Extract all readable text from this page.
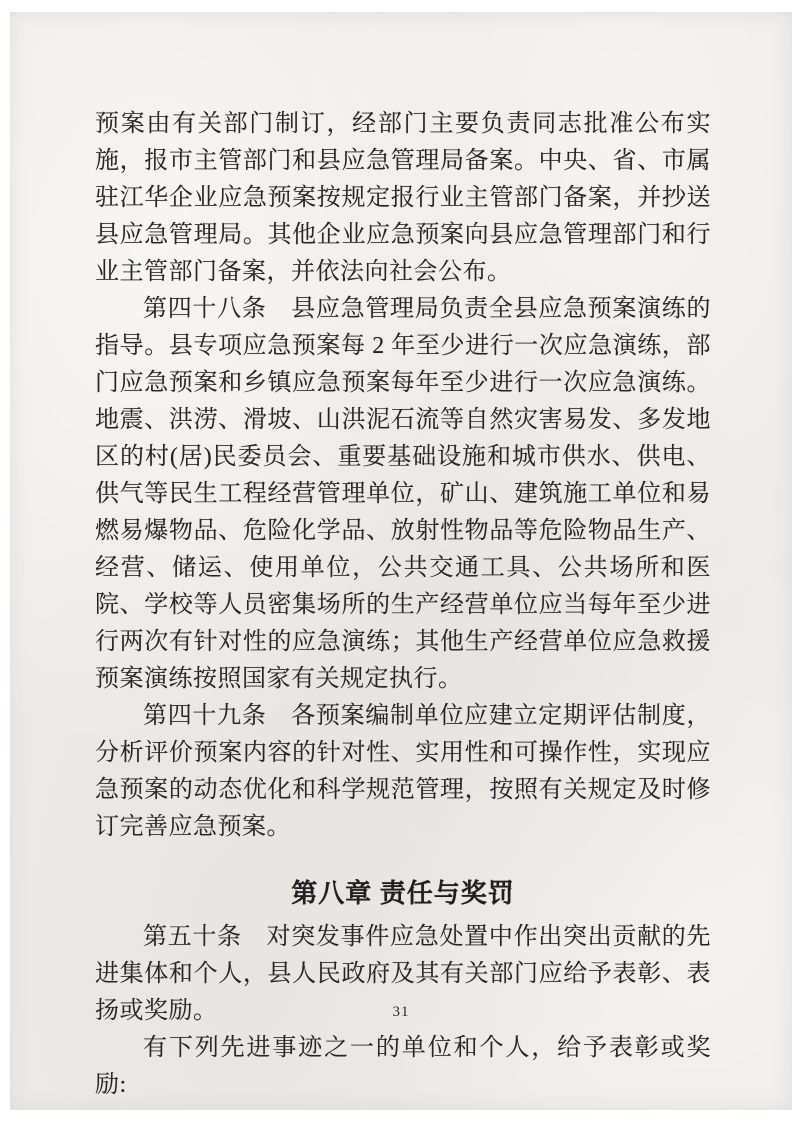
预案由有关部门制订，经部门主要负责同志批准公布实施，报市主管部门和县应急管理局备案。中央、省、市属驻江华企业应急预案按规定报行业主管部门备案，并抄送县应急管理局。其他企业应急预案向县应急管理部门和行业主管部门备案，并依法向社会公布。

第四十八条　县应急管理局负责全县应急预案演练的指导。县专项应急预案每 2 年至少进行一次应急演练，部门应急预案和乡镇应急预案每年至少进行一次应急演练。地震、洪涝、滑坡、山洪泥石流等自然灾害易发、多发地区的村(居)民委员会、重要基础设施和城市供水、供电、供气等民生工程经营管理单位，矿山、建筑施工单位和易燃易爆物品、危险化学品、放射性物品等危险物品生产、经营、储运、使用单位，公共交通工具、公共场所和医院、学校等人员密集场所的生产经营单位应当每年至少进行两次有针对性的应急演练；其他生产经营单位应急救援预案演练按照国家有关规定执行。

第四十九条　各预案编制单位应建立定期评估制度，分析评价预案内容的针对性、实用性和可操作性，实现应急预案的动态优化和科学规范管理，按照有关规定及时修订完善应急预案。

第八章 责任与奖罚

第五十条　对突发事件应急处置中作出突出贡献的先进集体和个人，县人民政府及其有关部门应给予表彰、表扬或奖励。

有下列先进事迹之一的单位和个人，给予表彰或奖励:

31
